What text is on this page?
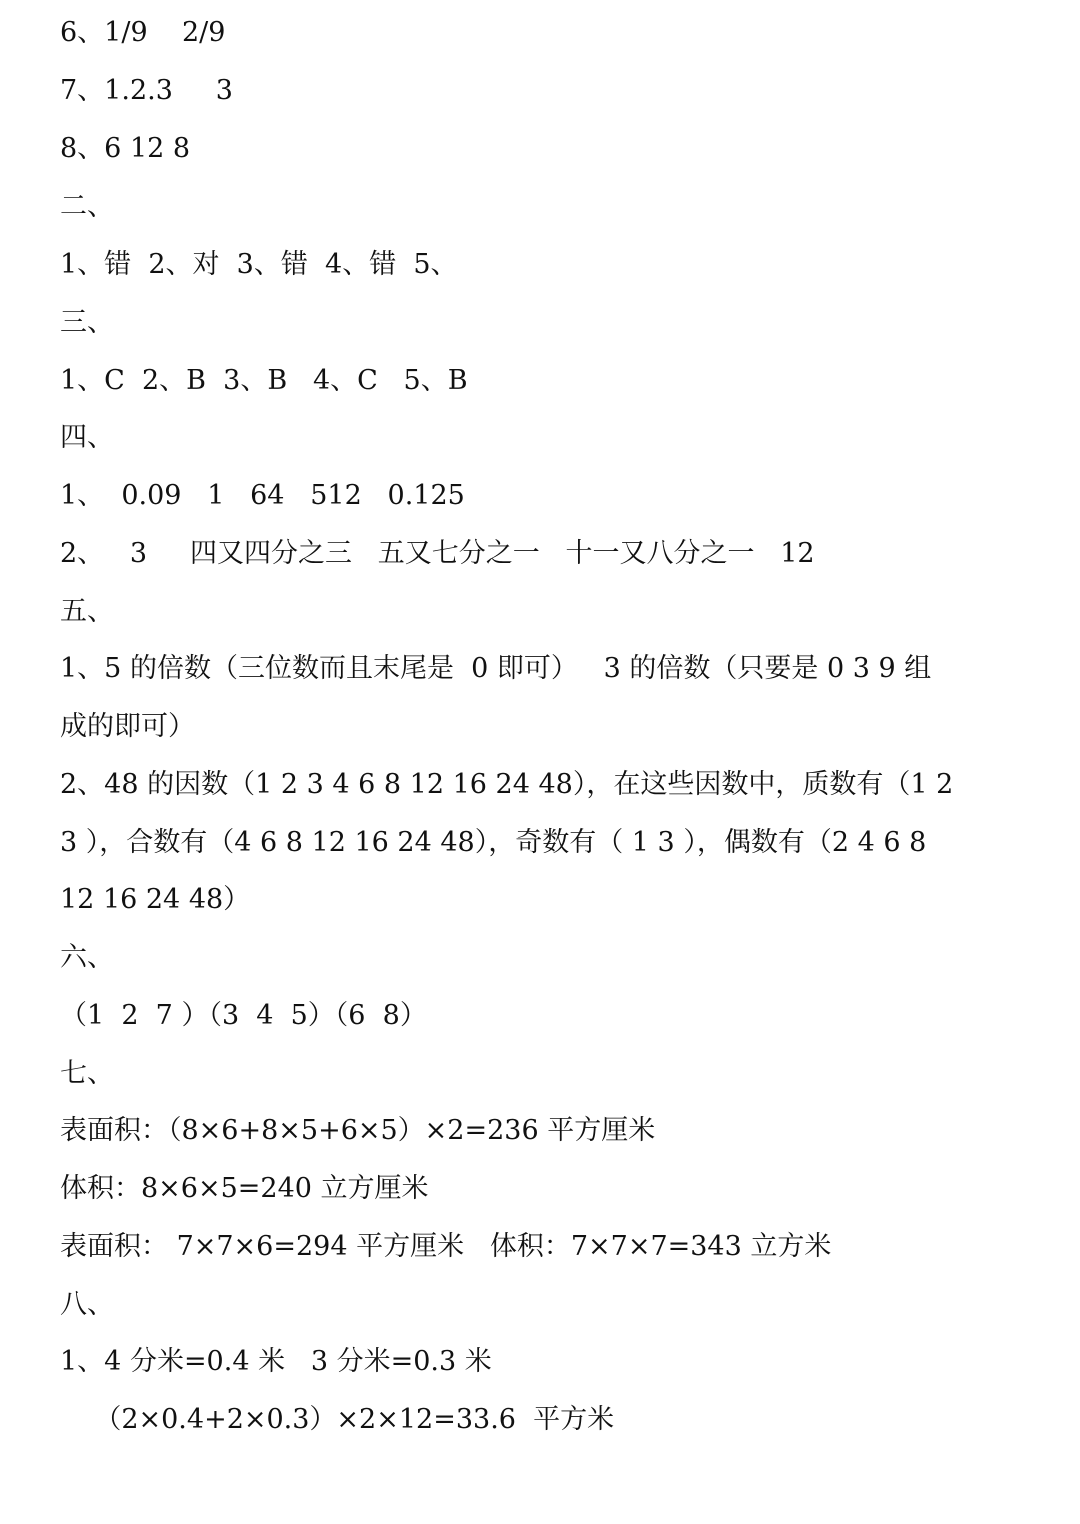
6、1/9    2/9
7、1.2.3     3
8、6 12 8
二、
1、错  2、对  3、错  4、错  5、
三、
1、C  2、B  3、B   4、C   5、B
四、
1、  0.09   1   64   512   0.125
2、   3     四又四分之三   五又七分之一   十一又八分之一   12
五、
1、5 的倍数（三位数而且末尾是  0 即可）   3 的倍数（只要是 0 3 9 组
成的即可）
2、48 的因数（1 2 3 4 6 8 12 16 24 48），在这些因数中，质数有（1 2
3 ），合数有（4 6 8 12 16 24 48），奇数有（ 1 3 ），偶数有（2 4 6 8
12 16 24 48）
六、
（1  2  7 ）（3  4  5）（6  8）
七、
表面积：（8×6+8×5+6×5）×2=236 平方厘米
体积：8×6×5=240 立方厘米
表面积： 7×7×6=294 平方厘米   体积：7×7×7=343 立方米
八、
1、4 分米=0.4 米   3 分米=0.3 米
（2×0.4+2×0.3）×2×12=33.6  平方米
